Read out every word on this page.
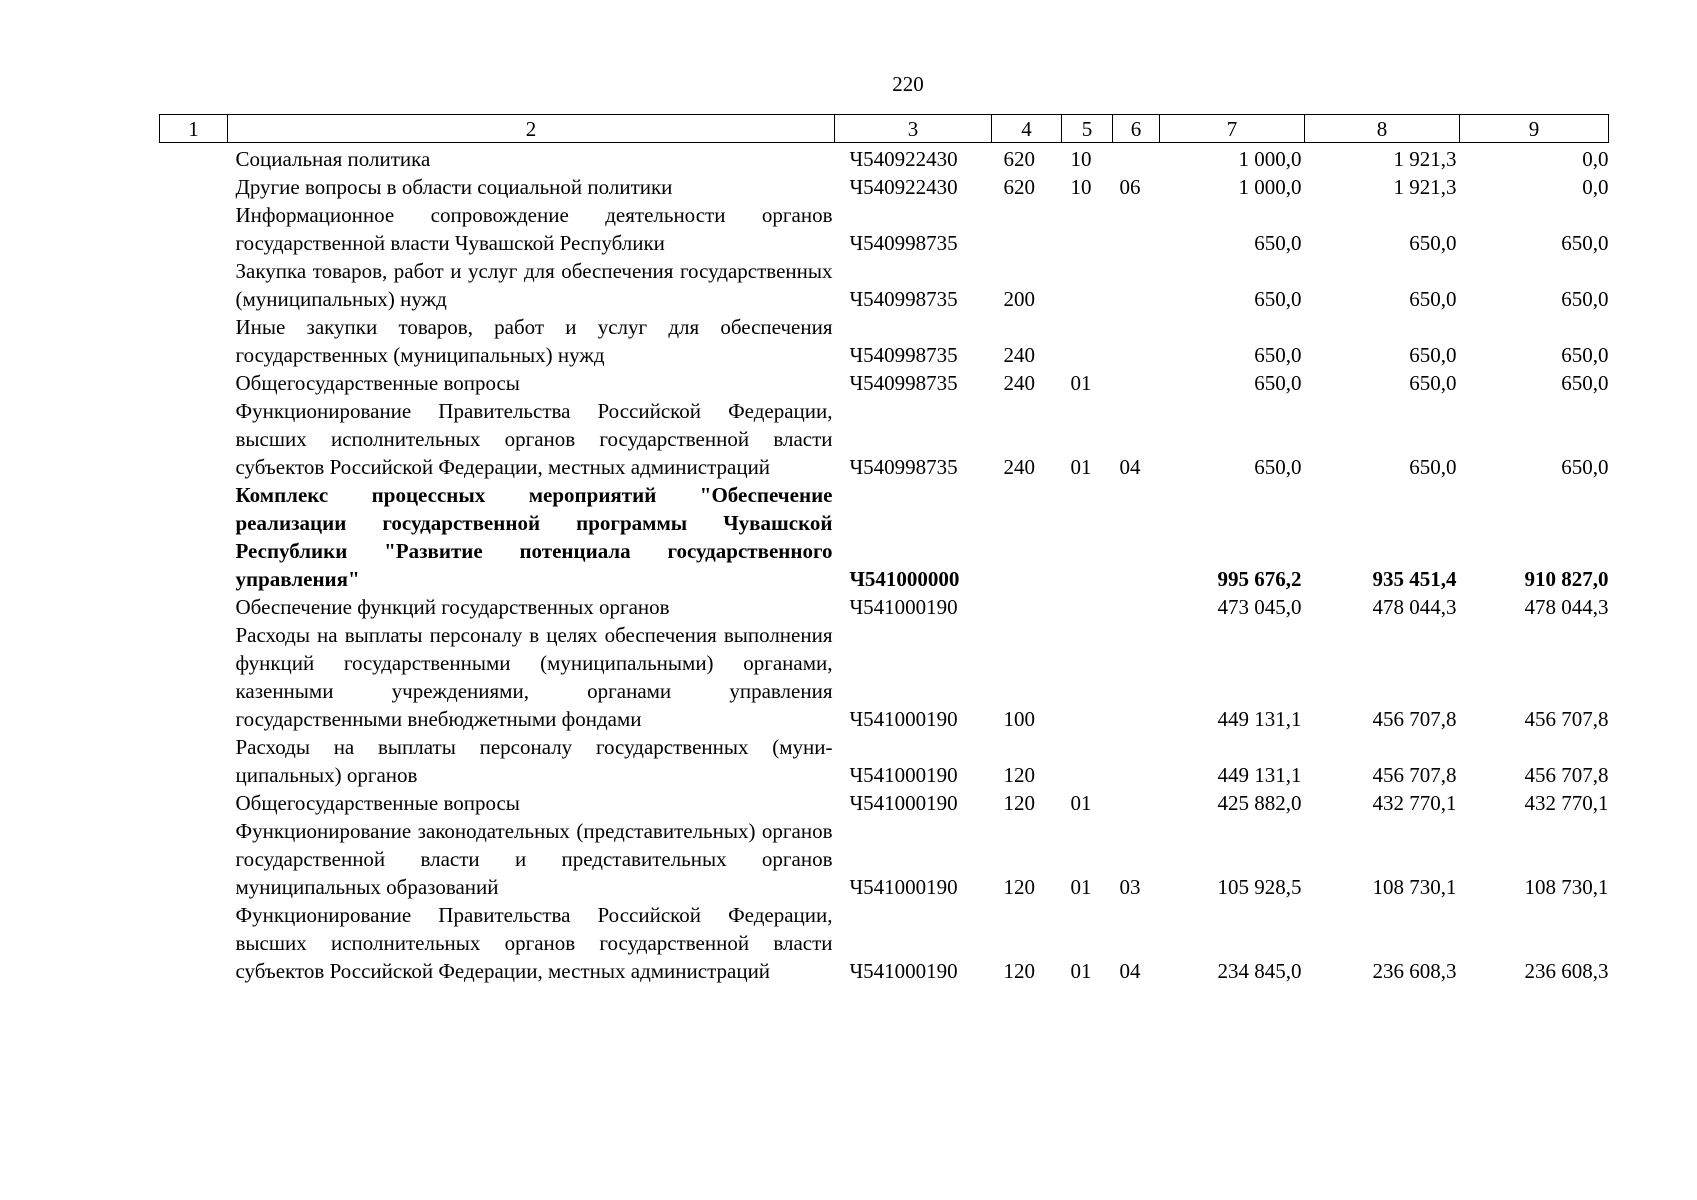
220
1	2	3	4	5	6	7	8	9
	Социальная политика	Ч540922430	620	10		1 000,0	1 921,3	0,0
	Другие вопросы в области социальной политики	Ч540922430	620	10	06	1 000,0	1 921,3	0,0
	Информационное сопровождение деятельности органов государственной власти Чувашской Республики	Ч540998735				650,0	650,0	650,0
	Закупка товаров, работ и услуг для обеспечения государственных (муниципальных) нужд	Ч540998735	200			650,0	650,0	650,0
	Иные закупки товаров, работ и услуг для обеспечения государственных (муниципальных) нужд	Ч540998735	240			650,0	650,0	650,0
	Общегосударственные вопросы	Ч540998735	240	01		650,0	650,0	650,0
	Функционирование Правительства Российской Федерации, высших исполнительных органов государственной власти субъектов Российской Федерации, местных администраций	Ч540998735	240	01	04	650,0	650,0	650,0
	Комплекс процессных мероприятий "Обеспечение реализации государственной программы Чувашской Республики "Развитие потенциала государственного управления"	Ч541000000				995 676,2	935 451,4	910 827,0
	Обеспечение функций государственных органов	Ч541000190				473 045,0	478 044,3	478 044,3
	Расходы на выплаты персоналу в целях обеспечения выполнения функций государственными (муниципальными) органами, казенными учреждениями, органами управления государственными внебюджетными фондами	Ч541000190	100			449 131,1	456 707,8	456 707,8
	Расходы на выплаты персоналу государственных (муниципальных) органов	Ч541000190	120			449 131,1	456 707,8	456 707,8
	Общегосударственные вопросы	Ч541000190	120	01		425 882,0	432 770,1	432 770,1
	Функционирование законодательных (представительных) органов государственной власти и представительных органов муниципальных образований	Ч541000190	120	01	03	105 928,5	108 730,1	108 730,1
	Функционирование Правительства Российской Федерации, высших исполнительных органов государственной власти субъектов Российской Федерации, местных администраций	Ч541000190	120	01	04	234 845,0	236 608,3	236 608,3
